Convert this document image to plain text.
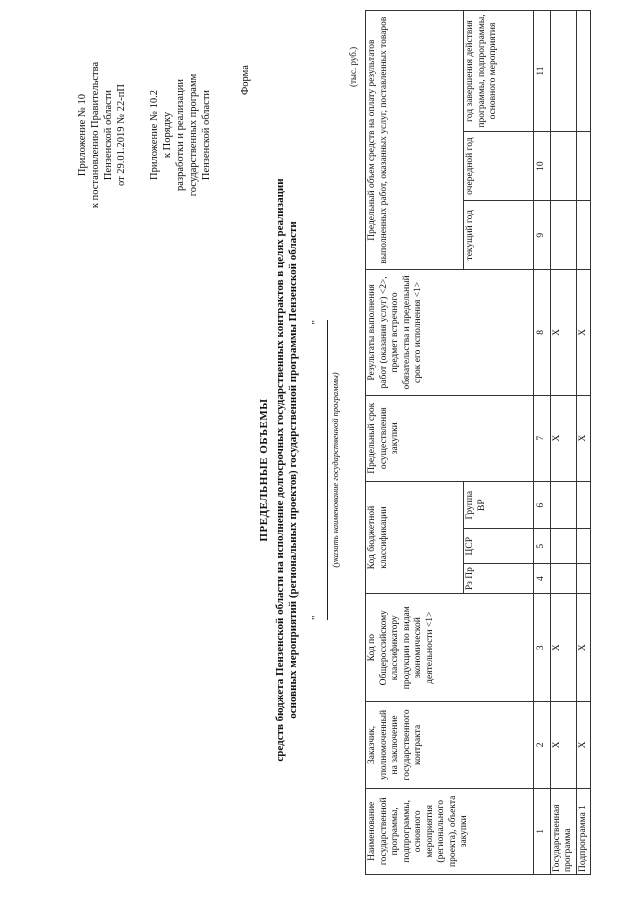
Приложение № 10 к постановлению Правительства Пензенской области от 29.01.2019 № 22-пП Приложение № 10.2 к Порядку разработки и реализации государственных программ Пензенской области
Форма
ПРЕДЕЛЬНЫЕ ОБЪЕМЫ средств бюджета Пензенской области на исполнение долгосрочных государственных контрактов в целях реализации основных мероприятий (региональных проектов) государственной программы Пензенской области "
"
(указать наименование государственной программы)
(тыс. руб.)
Наименование государственной программы, подпрограммы, основного мероприятия (регионального проекта), объекта закупки	Заказчик, уполномоченный на заключение государственного контракта	Код по Общероссийскому классификатору продукции по видам экономической деятельности <1>	Код бюджетной классификации			Предельный срок осуществления закупки	Результаты выполнения работ (оказания услуг) <2>, предмет встречного обязательства и предельный срок его исполнения <1>	Предельный объем средств на оплату результатов выполненных работ, оказанных услуг, поставленных товаров		
			Рз Пр	ЦСР	Группа ВР			текущий год	очередной год	год завершения действия программы, подпрограммы, основного мероприятия

1	2	3	4	5	6	7	8	9	10	11
Государственная программа	Х	Х				Х	Х			
Подпрограмма 1	Х	Х				Х	Х			
